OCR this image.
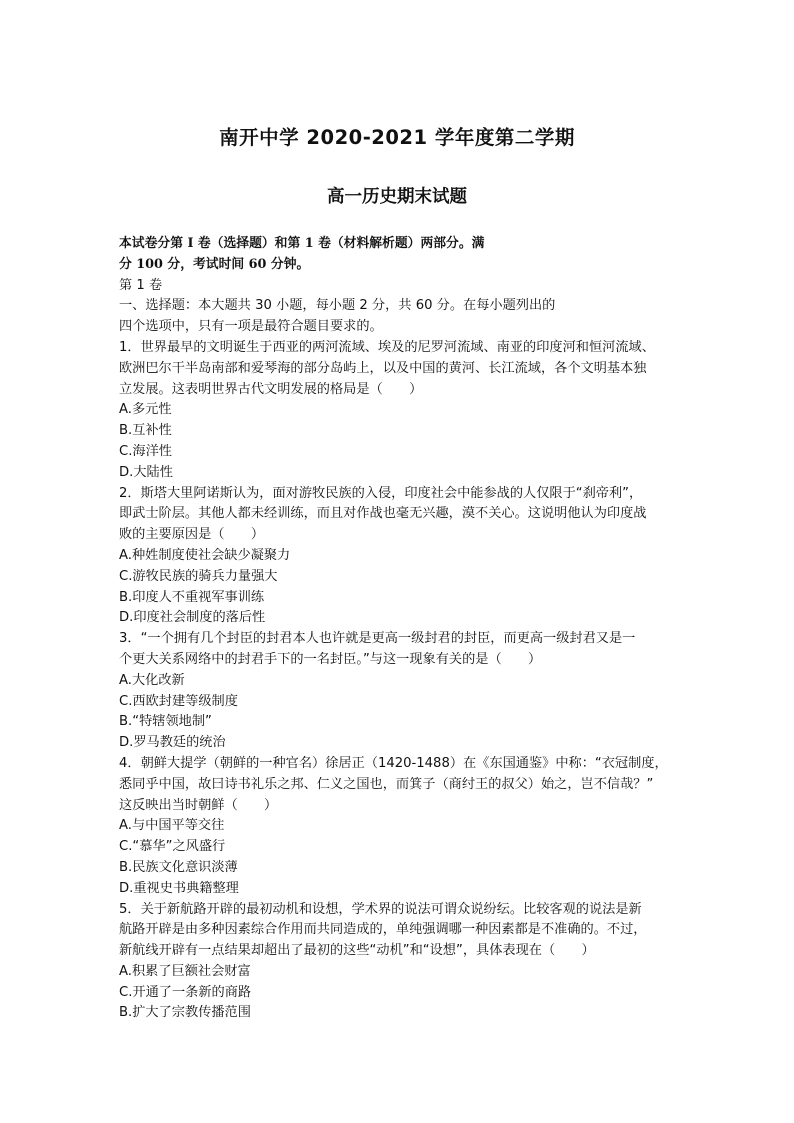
南开中学 2020-2021 学年度第二学期
高一历史期末试题
本试卷分第 I 卷（选择题）和第 1 卷（材料解析题）两部分。满
分 100 分，考试时间 60 分钟。
第 1 卷
一、选择题：本大题共 30 小题，每小题 2 分，共 60 分。在每小题列出的
四个选项中，只有一项是最符合题目要求的。
1．世界最早的文明诞生于西亚的两河流域、埃及的尼罗河流域、南亚的印度河和恒河流域、
欧洲巴尔干半岛南部和爱琴海的部分岛屿上，以及中国的黄河、长江流域，各个文明基本独
立发展。这表明世界古代文明发展的格局是（　　）
A.多元性
B.互补性
C.海洋性
D.大陆性
2．斯塔大里阿诺斯认为，面对游牧民族的入侵，印度社会中能参战的人仅限于“刹帝利”，
即武士阶层。其他人都未经训练，而且对作战也毫无兴趣，漠不关心。这说明他认为印度战
败的主要原因是（　　）
A.种姓制度使社会缺少凝聚力
C.游牧民族的骑兵力量强大
B.印度人不重视军事训练
D.印度社会制度的落后性
3．“一个拥有几个封臣的封君本人也许就是更高一级封君的封臣，而更高一级封君又是一
个更大关系网络中的封君手下的一名封臣。”与这一现象有关的是（　　）
A.大化改新
C.西欧封建等级制度
B.“特辖领地制”
D.罗马教廷的统治
4．朝鲜大提学（朝鲜的一种官名）徐居正（1420-1488）在《东国通鉴》中称：“衣冠制度，
悉同乎中国，故曰诗书礼乐之邦、仁义之国也，而箕子（商纣王的叔父）始之，岂不信哉？”
这反映出当时朝鲜（　　）
A.与中国平等交往
C.“慕华”之风盛行
B.民族文化意识淡薄
D.重视史书典籍整理
5．关于新航路开辟的最初动机和设想，学术界的说法可谓众说纷纭。比较客观的说法是新
航路开辟是由多种因素综合作用而共同造成的，单纯强调哪一种因素都是不准确的。不过，
新航线开辟有一点结果却超出了最初的这些“动机”和“设想”，具体表现在（　　）
A.积累了巨额社会财富
C.开通了一条新的商路
B.扩大了宗教传播范围
